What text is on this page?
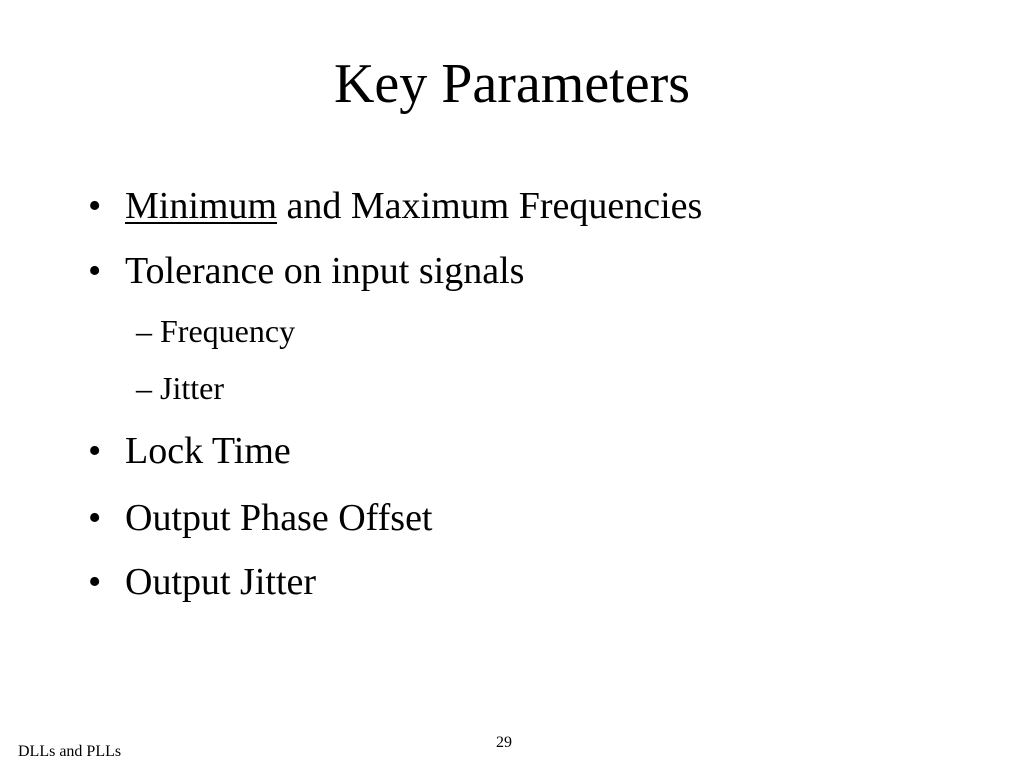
Key Parameters
• Minimum and Maximum Frequencies
• Tolerance on input signals
– Frequency
– Jitter
• Lock Time
• Output Phase Offset
• Output Jitter
DLLs and PLLs
29
